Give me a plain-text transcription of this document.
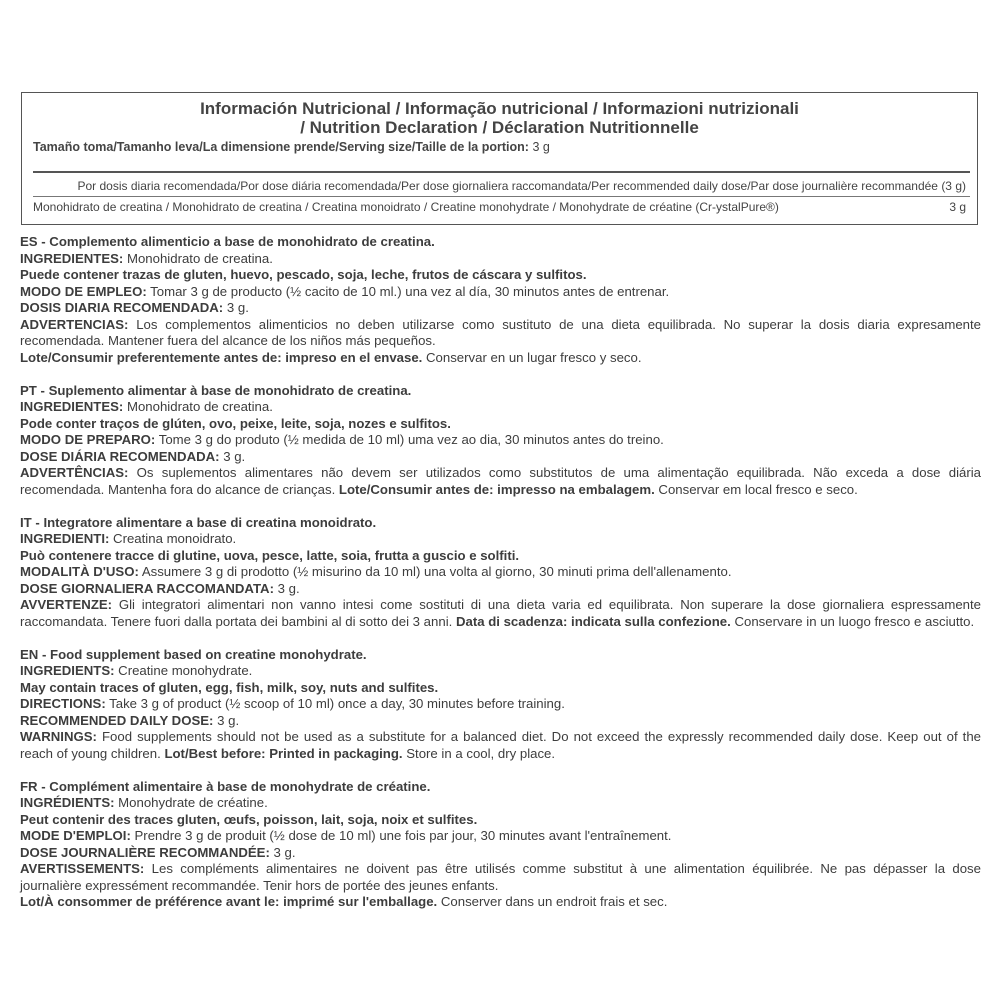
Información Nutricional / Informação nutricional / Informazioni nutrizionali
/ Nutrition Declaration / Déclaration Nutritionnelle
Tamaño toma/Tamanho leva/La dimensione prende/Serving size/Taille de la portion: 3 g
Por dosis diaria recomendada/Por dose diária recomendada/Per dose giornaliera raccomandata/Per recommended daily dose/Par dose journalière recommandée (3 g)
Monohidrato de creatina / Monohidrato de creatina / Creatina monoidrato / Creatine monohydrate / Monohydrate de créatine (Cr-ystalPure®)	3 g
ES - Complemento alimenticio a base de monohidrato de creatina.
INGREDIENTES: Monohidrato de creatina.
Puede contener trazas de gluten, huevo, pescado, soja, leche, frutos de cáscara y sulfitos.
MODO DE EMPLEO: Tomar 3 g de producto (½ cacito de 10 ml.) una vez al día, 30 minutos antes de entrenar.
DOSIS DIARIA RECOMENDADA: 3 g.
ADVERTENCIAS: Los complementos alimenticios no deben utilizarse como sustituto de una dieta equilibrada. No superar la dosis diaria expresamente
recomendada. Mantener fuera del alcance de los niños más pequeños.
Lote/Consumir preferentemente antes de: impreso en el envase. Conservar en un lugar fresco y seco.
PT - Suplemento alimentar à base de monohidrato de creatina.
INGREDIENTES: Monohidrato de creatina.
Pode conter traços de glúten, ovo, peixe, leite, soja, nozes e sulfitos.
MODO DE PREPARO: Tome 3 g do produto (½ medida de 10 ml) uma vez ao dia, 30 minutos antes do treino.
DOSE DIÁRIA RECOMENDADA: 3 g.
ADVERTÊNCIAS: Os suplementos alimentares não devem ser utilizados como substitutos de uma alimentação equilibrada. Não exceda a dose diária
recomendada. Mantenha fora do alcance de crianças. Lote/Consumir antes de: impresso na embalagem. Conservar em local fresco e seco.
IT - Integratore alimentare a base di creatina monoidrato.
INGREDIENTI: Creatina monoidrato.
Può contenere tracce di glutine, uova, pesce, latte, soia, frutta a guscio e solfiti.
MODALITÀ D'USO: Assumere 3 g di prodotto (½ misurino da 10 ml) una volta al giorno, 30 minuti prima dell'allenamento.
DOSE GIORNALIERA RACCOMANDATA: 3 g.
AVVERTENZE: Gli integratori alimentari non vanno intesi come sostituti di una dieta varia ed equilibrata. Non superare la dose giornaliera espressamente
raccomandata. Tenere fuori dalla portata dei bambini al di sotto dei 3 anni. Data di scadenza: indicata sulla confezione. Conservare in un luogo fresco e asciutto.
EN - Food supplement based on creatine monohydrate.
INGREDIENTS: Creatine monohydrate.
May contain traces of gluten, egg, fish, milk, soy, nuts and sulfites.
DIRECTIONS: Take 3 g of product (½ scoop of 10 ml) once a day, 30 minutes before training.
RECOMMENDED DAILY DOSE: 3 g.
WARNINGS: Food supplements should not be used as a substitute for a balanced diet. Do not exceed the expressly recommended daily dose. Keep out of the
reach of young children. Lot/Best before: Printed in packaging. Store in a cool, dry place.
FR - Complément alimentaire à base de monohydrate de créatine.
INGRÉDIENTS: Monohydrate de créatine.
Peut contenir des traces gluten, œufs, poisson, lait, soja, noix et sulfites.
MODE D'EMPLOI: Prendre 3 g de produit (½ dose de 10 ml) une fois par jour, 30 minutes avant l'entraînement.
DOSE JOURNALIÈRE RECOMMANDÉE: 3 g.
AVERTISSEMENTS: Les compléments alimentaires ne doivent pas être utilisés comme substitut à une alimentation équilibrée. Ne pas dépasser la dose
journalière expressément recommandée. Tenir hors de portée des jeunes enfants.
Lot/À consommer de préférence avant le: imprimé sur l'emballage. Conserver dans un endroit frais et sec.
